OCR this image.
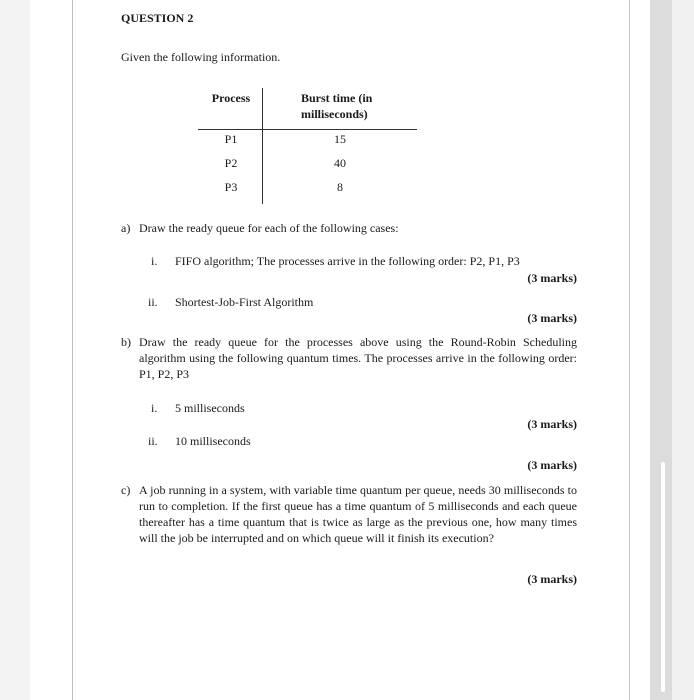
QUESTION 2
Given the following information.
Process	Burst time (in
milliseconds)
P1	15
P2	40
P3	8
a) Draw the ready queue for each of the following cases:
i. FIFO algorithm; The processes arrive in the following order: P2, P1, P3
(3 marks)
ii. Shortest-Job-First Algorithm
(3 marks)
b) Draw the ready queue for the processes above using the Round-Robin Scheduling algorithm using the following quantum times. The processes arrive in the following order: P1, P2, P3
i. 5 milliseconds
(3 marks)
ii. 10 milliseconds
(3 marks)
c) A job running in a system, with variable time quantum per queue, needs 30 milliseconds to run to completion. If the first queue has a time quantum of 5 milliseconds and each queue thereafter has a time quantum that is twice as large as the previous one, how many times will the job be interrupted and on which queue will it finish its execution?
(3 marks)
